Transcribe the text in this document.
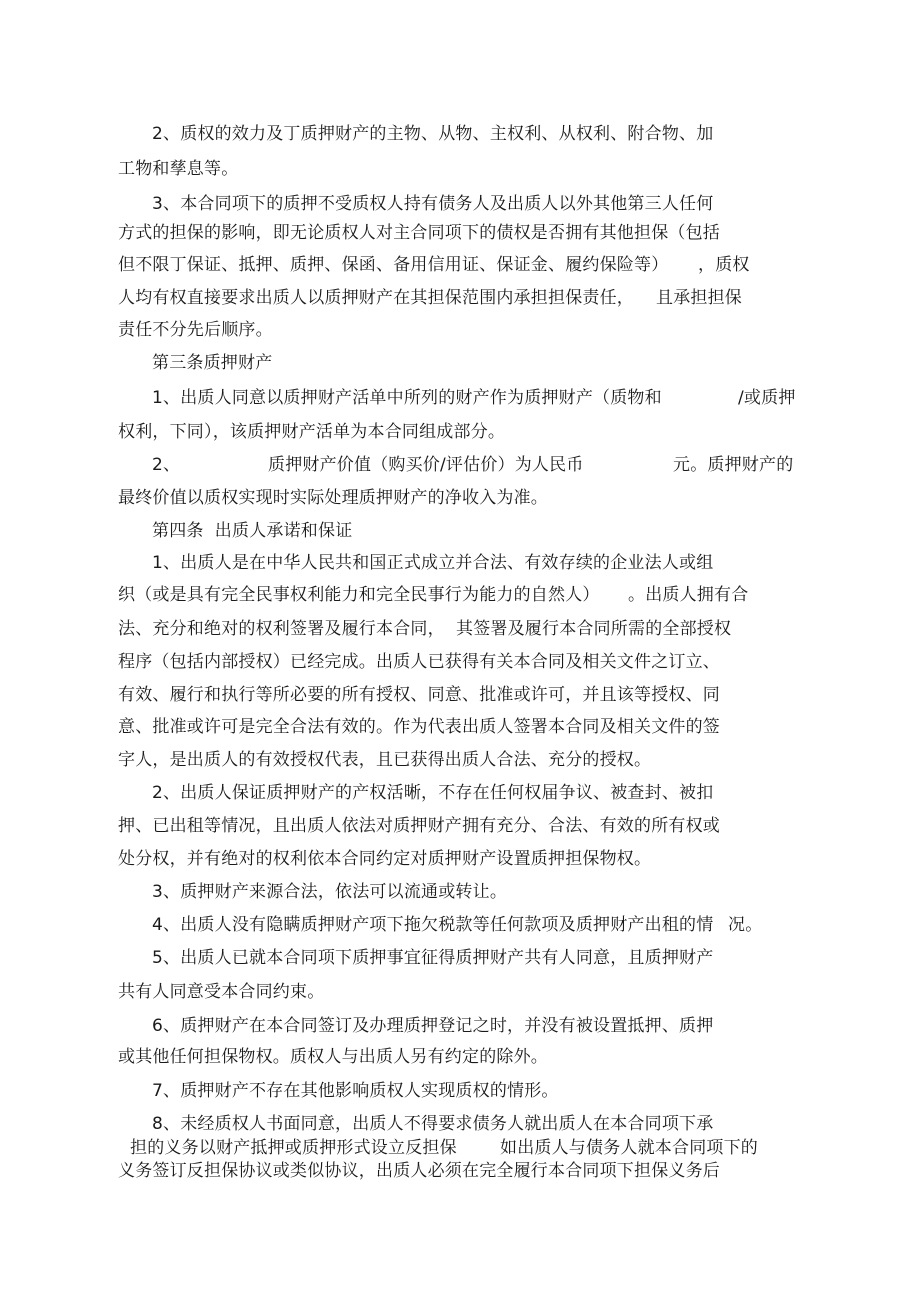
2、质权的效力及丁质押财产的主物、从物、主权利、从权利、附合物、加
工物和孳息等。
3、本合同项下的质押不受质权人持有债务人及出质人以外其他第三人任何
方式的担保的影响，即无论质权人对主合同项下的债权是否拥有其他担保（包括
但不限丁保证、抵押、质押、保函、备用信用证、保证金、履约保险等） ，质权
人均有权直接要求出质人以质押财产在其担保范围内承担担保责任， 且承担担保
责任不分先后顺序。
第三条质押财产
1、出质人同意以质押财产活单中所列的财产作为质押财产（质物和	/或质押
权利，下同），该质押财产活单为本合同组成部分。
2、	质押财产价值（购买价/评估价）为人民币	元。质押财产的
最终价值以质权实现时实际处理质押财产的净收入为准。
第四条  出质人承诺和保证
1、出质人是在中华人民共和国正式成立并合法、有效存续的企业法人或组
织（或是具有完全民事权利能力和完全民事行为能力的自然人） 。出质人拥有合
法、充分和绝对的权利签署及履行本合同， 其签署及履行本合同所需的全部授权
程序（包括内部授权）已经完成。出质人已获得有关本合同及相关文件之订立、
有效、履行和执行等所必要的所有授权、同意、批准或许可，并且该等授权、同
意、批准或许可是完全合法有效的。作为代表出质人签署本合同及相关文件的签
字人，是出质人的有效授权代表，且已获得出质人合法、充分的授权。
2、出质人保证质押财产的产权活晰，不存在任何权届争议、被查封、被扣
押、已出租等情况，且出质人依法对质押财产拥有充分、合法、有效的所有权或
处分权，并有绝对的权利依本合同约定对质押财产设置质押担保物权。
3、质押财产来源合法，依法可以流通或转让。
4、出质人没有隐瞒质押财产项下拖欠税款等任何款项及质押财产出租的情 况。
5、出质人已就本合同项下质押事宜征得质押财产共有人同意，且质押财产
共有人同意受本合同约束。
6、质押财产在本合同签订及办理质押登记之时，并没有被设置抵押、质押
或其他任何担保物权。质权人与出质人另有约定的除外。
7、质押财产不存在其他影响质权人实现质权的情形。
8、未经质权人书面同意，出质人不得要求债务人就出质人在本合同项下承
担的义务以财产抵押或质押形式设立反担保	如出质人与债务人就本合同项下的
义务签订反担保协议或类似协议，出质人必须在完全履行本合同项下担保义务后
